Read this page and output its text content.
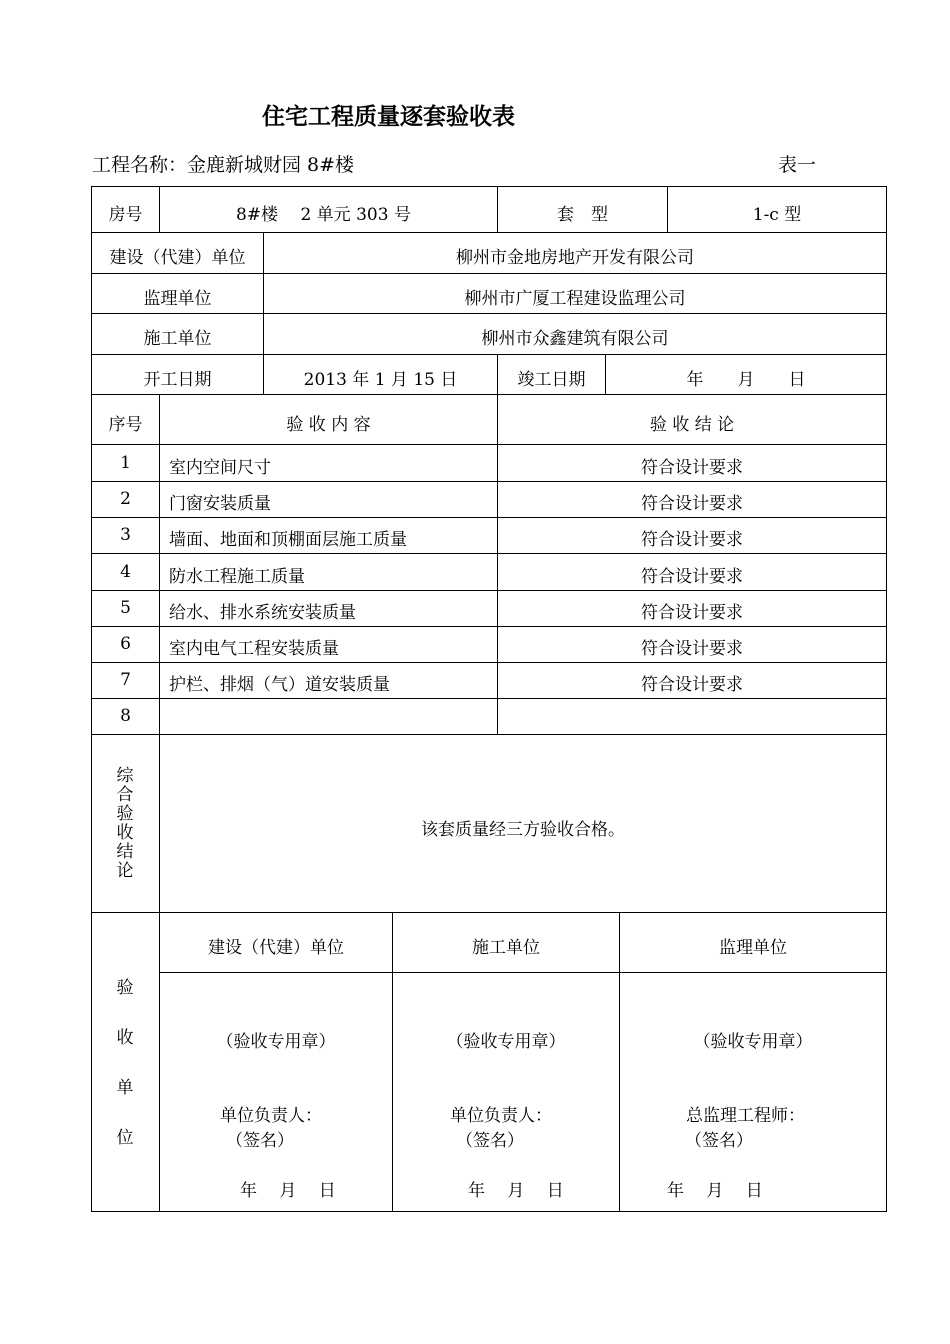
住宅工程质量逐套验收表
工程名称：金鹿新城财园 8#楼	表一
房号	8#楼　 2 单元 303 号	套　型	1-c 型
建设（代建）单位	柳州市金地房地产开发有限公司
监理单位	柳州市广厦工程建设监理公司
施工单位	柳州市众鑫建筑有限公司
开工日期	2013 年 1 月 15 日	竣工日期	年　　月　　日
序号	验 收 内 容	验 收 结 论
1	室内空间尺寸	符合设计要求
2	门窗安装质量	符合设计要求
3	墙面、地面和顶棚面层施工质量	符合设计要求
4	防水工程施工质量	符合设计要求
5	给水、排水系统安装质量	符合设计要求
6	室内电气工程安装质量	符合设计要求
7	护栏、排烟（气）道安装质量	符合设计要求
8
综合验收结论
该套质量经三方验收合格。
验收单位
建设（代建）单位	施工单位	监理单位
（验收专用章）	（验收专用章）	（验收专用章）
单位负责人：	单位负责人：	总监理工程师：
（签名）	（签名）	（签名）
年　 月　 日	年　 月　 日	年　 月　 日
